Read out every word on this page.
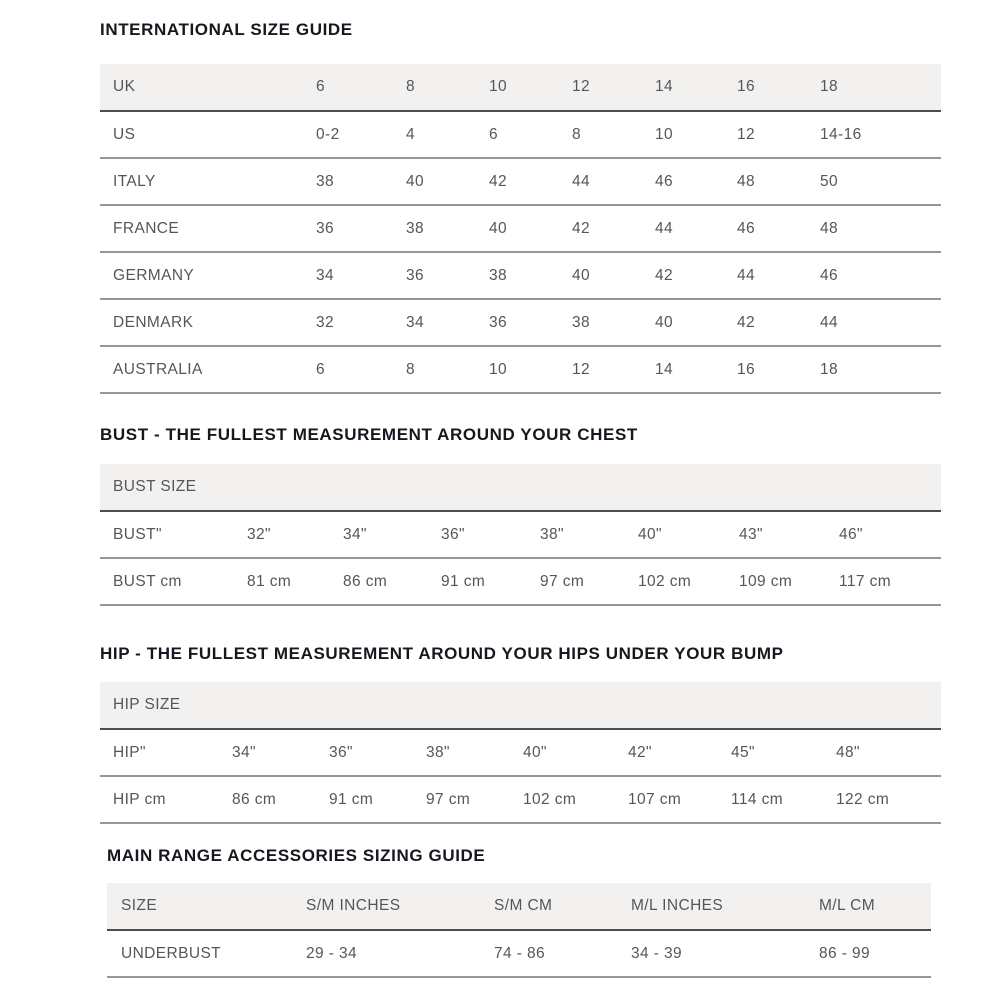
INTERNATIONAL SIZE GUIDE
UK	6	8	10	12	14	16	18
US	0-2	4	6	8	10	12	14-16
ITALY	38	40	42	44	46	48	50
FRANCE	36	38	40	42	44	46	48
GERMANY	34	36	38	40	42	44	46
DENMARK	32	34	36	38	40	42	44
AUSTRALIA	6	8	10	12	14	16	18
BUST - THE FULLEST MEASUREMENT AROUND YOUR CHEST
BUST SIZE							
BUST"	32"	34"	36"	38"	40"	43"	46"
BUST cm	81 cm	86 cm	91 cm	97 cm	102 cm	109 cm	117 cm
HIP - THE FULLEST MEASUREMENT AROUND YOUR HIPS UNDER YOUR BUMP
HIP SIZE							
HIP"	34"	36"	38"	40"	42"	45"	48"
HIP cm	86 cm	91 cm	97 cm	102 cm	107 cm	114 cm	122 cm
MAIN RANGE ACCESSORIES SIZING GUIDE
SIZE	S/M INCHES	S/M CM	M/L INCHES	M/L CM
UNDERBUST	29 - 34	74 - 86	34 - 39	86 - 99
